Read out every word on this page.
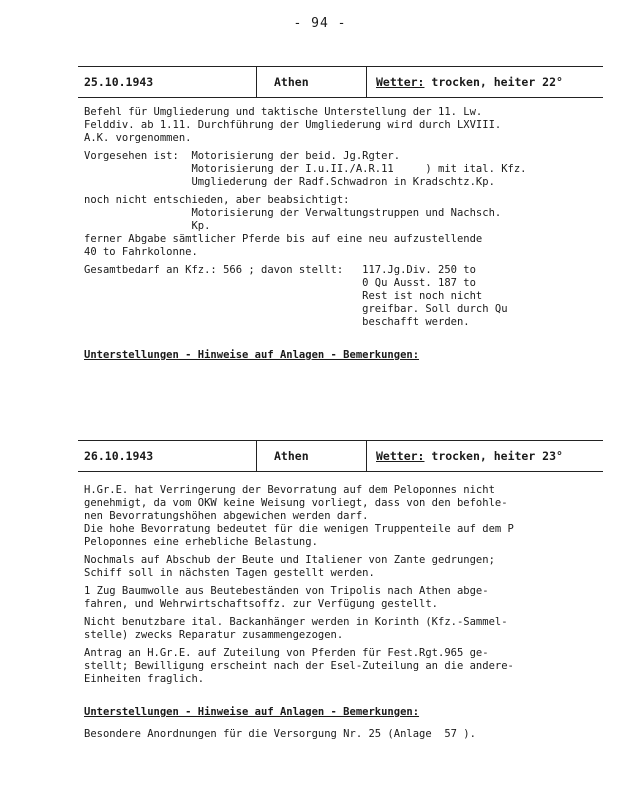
- 94 -
25.10.1943	Athen	Wetter: trocken, heiter 22°
Befehl für Umgliederung und taktische Unterstellung der 11. Lw.
Felddiv. ab 1.11. Durchführung der Umgliederung wird durch LXVIII.
A.K. vorgenommen.
Vorgesehen ist:  Motorisierung der beid. Jg.Rgter.
Motorisierung der I.u.II./A.R.11     ) mit ital. Kfz.
Umgliederung der Radf.Schwadron in Kradschtz.Kp.
noch nicht entschieden, aber beabsichtigt:
Motorisierung der Verwaltungstruppen und Nachsch.
Kp.
ferner Abgabe sämtlicher Pferde bis auf eine neu aufzustellende
40 to Fahrkolonne.
Gesamtbedarf an Kfz.: 566 ; davon stellt:   117.Jg.Div. 250 to
0 Qu Ausst. 187 to
Rest ist noch nicht
greifbar. Soll durch Qu
beschafft werden.
Unterstellungen - Hinweise auf Anlagen - Bemerkungen:
26.10.1943	Athen	Wetter: trocken, heiter 23°
H.Gr.E. hat Verringerung der Bevorratung auf dem Peloponnes nicht
genehmigt, da vom OKW keine Weisung vorliegt, dass von den befohle-
nen Bevorratungshöhen abgewichen werden darf.
Die hohe Bevorratung bedeutet für die wenigen Truppenteile auf dem P
Peloponnes eine erhebliche Belastung.
Nochmals auf Abschub der Beute und Italiener von Zante gedrungen;
Schiff soll in nächsten Tagen gestellt werden.
1 Zug Baumwolle aus Beutebeständen von Tripolis nach Athen abge-
fahren, und Wehrwirtschaftsoffz. zur Verfügung gestellt.
Nicht benutzbare ital. Backanhänger werden in Korinth (Kfz.-Sammel-
stelle) zwecks Reparatur zusammengezogen.
Antrag an H.Gr.E. auf Zuteilung von Pferden für Fest.Rgt.965 ge-
stellt; Bewilligung erscheint nach der Esel-Zuteilung an die andere-
Einheiten fraglich.
Unterstellungen - Hinweise auf Anlagen - Bemerkungen:
Besondere Anordnungen für die Versorgung Nr. 25 (Anlage  57 ).
